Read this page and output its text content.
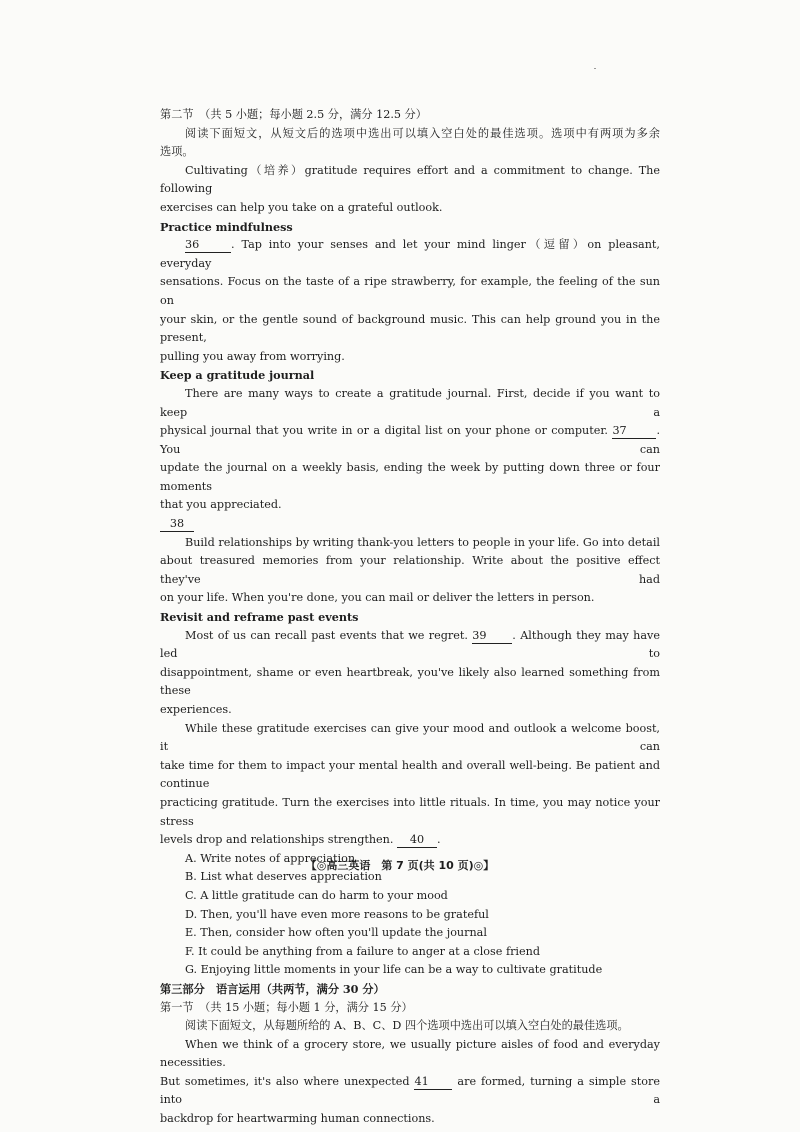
第二节　（共 5 小题；每小题 2.5 分，满分 12.5 分）
阅读下面短文，从短文后的选项中选出可以填入空白处的最佳选项。选项中有两项为多余
选项。
Cultivating（培养）gratitude requires effort and a commitment to change. The following
exercises can help you take on a grateful outlook.
Practice mindfulness
36	. Tap into your senses and let your mind linger（逗留）on pleasant, everyday
sensations. Focus on the taste of a ripe strawberry, for example, the feeling of the sun on
your skin, or the gentle sound of background music. This can help ground you in the present,
pulling you away from worrying.
Keep a gratitude journal
There are many ways to create a gratitude journal. First, decide if you want to keep a
physical journal that you write in or a digital list on your phone or computer. 37	. You can
update the journal on a weekly basis, ending the week by putting down three or four moments
that you appreciated.
38
Build relationships by writing thank-you letters to people in your life. Go into detail
about treasured memories from your relationship. Write about the positive effect they've had
on your life. When you're done, you can mail or deliver the letters in person.
Revisit and reframe past events
Most of us can recall past events that we regret. 39 . Although they may have led to
disappointment, shame or even heartbreak, you've likely also learned something from these
experiences.
While these gratitude exercises can give your mood and outlook a welcome boost, it can
take time for them to impact your mental health and overall well-being. Be patient and continue
practicing gratitude. Turn the exercises into little rituals. In time, you may notice your stress
levels drop and relationships strengthen. 40 .
A. Write notes of appreciation
B. List what deserves appreciation
C. A little gratitude can do harm to your mood
D. Then, you'll have even more reasons to be grateful
E. Then, consider how often you'll update the journal
F. It could be anything from a failure to anger at a close friend
G. Enjoying little moments in your life can be a way to cultivate gratitude
第三部分　语言运用（共两节，满分 30 分）
第一节　（共 15 小题；每小题 1 分，满分 15 分）
阅读下面短文，从每题所给的 A、B、C、D 四个选项中选出可以填入空白处的最佳选项。
When we think of a grocery store, we usually picture aisles of food and everyday necessities.
But sometimes, it's also where unexpected 41	are formed, turning a simple store into a
backdrop for heartwarming human connections.
【◎高三英语　第 7 页(共 10 页)◎】
